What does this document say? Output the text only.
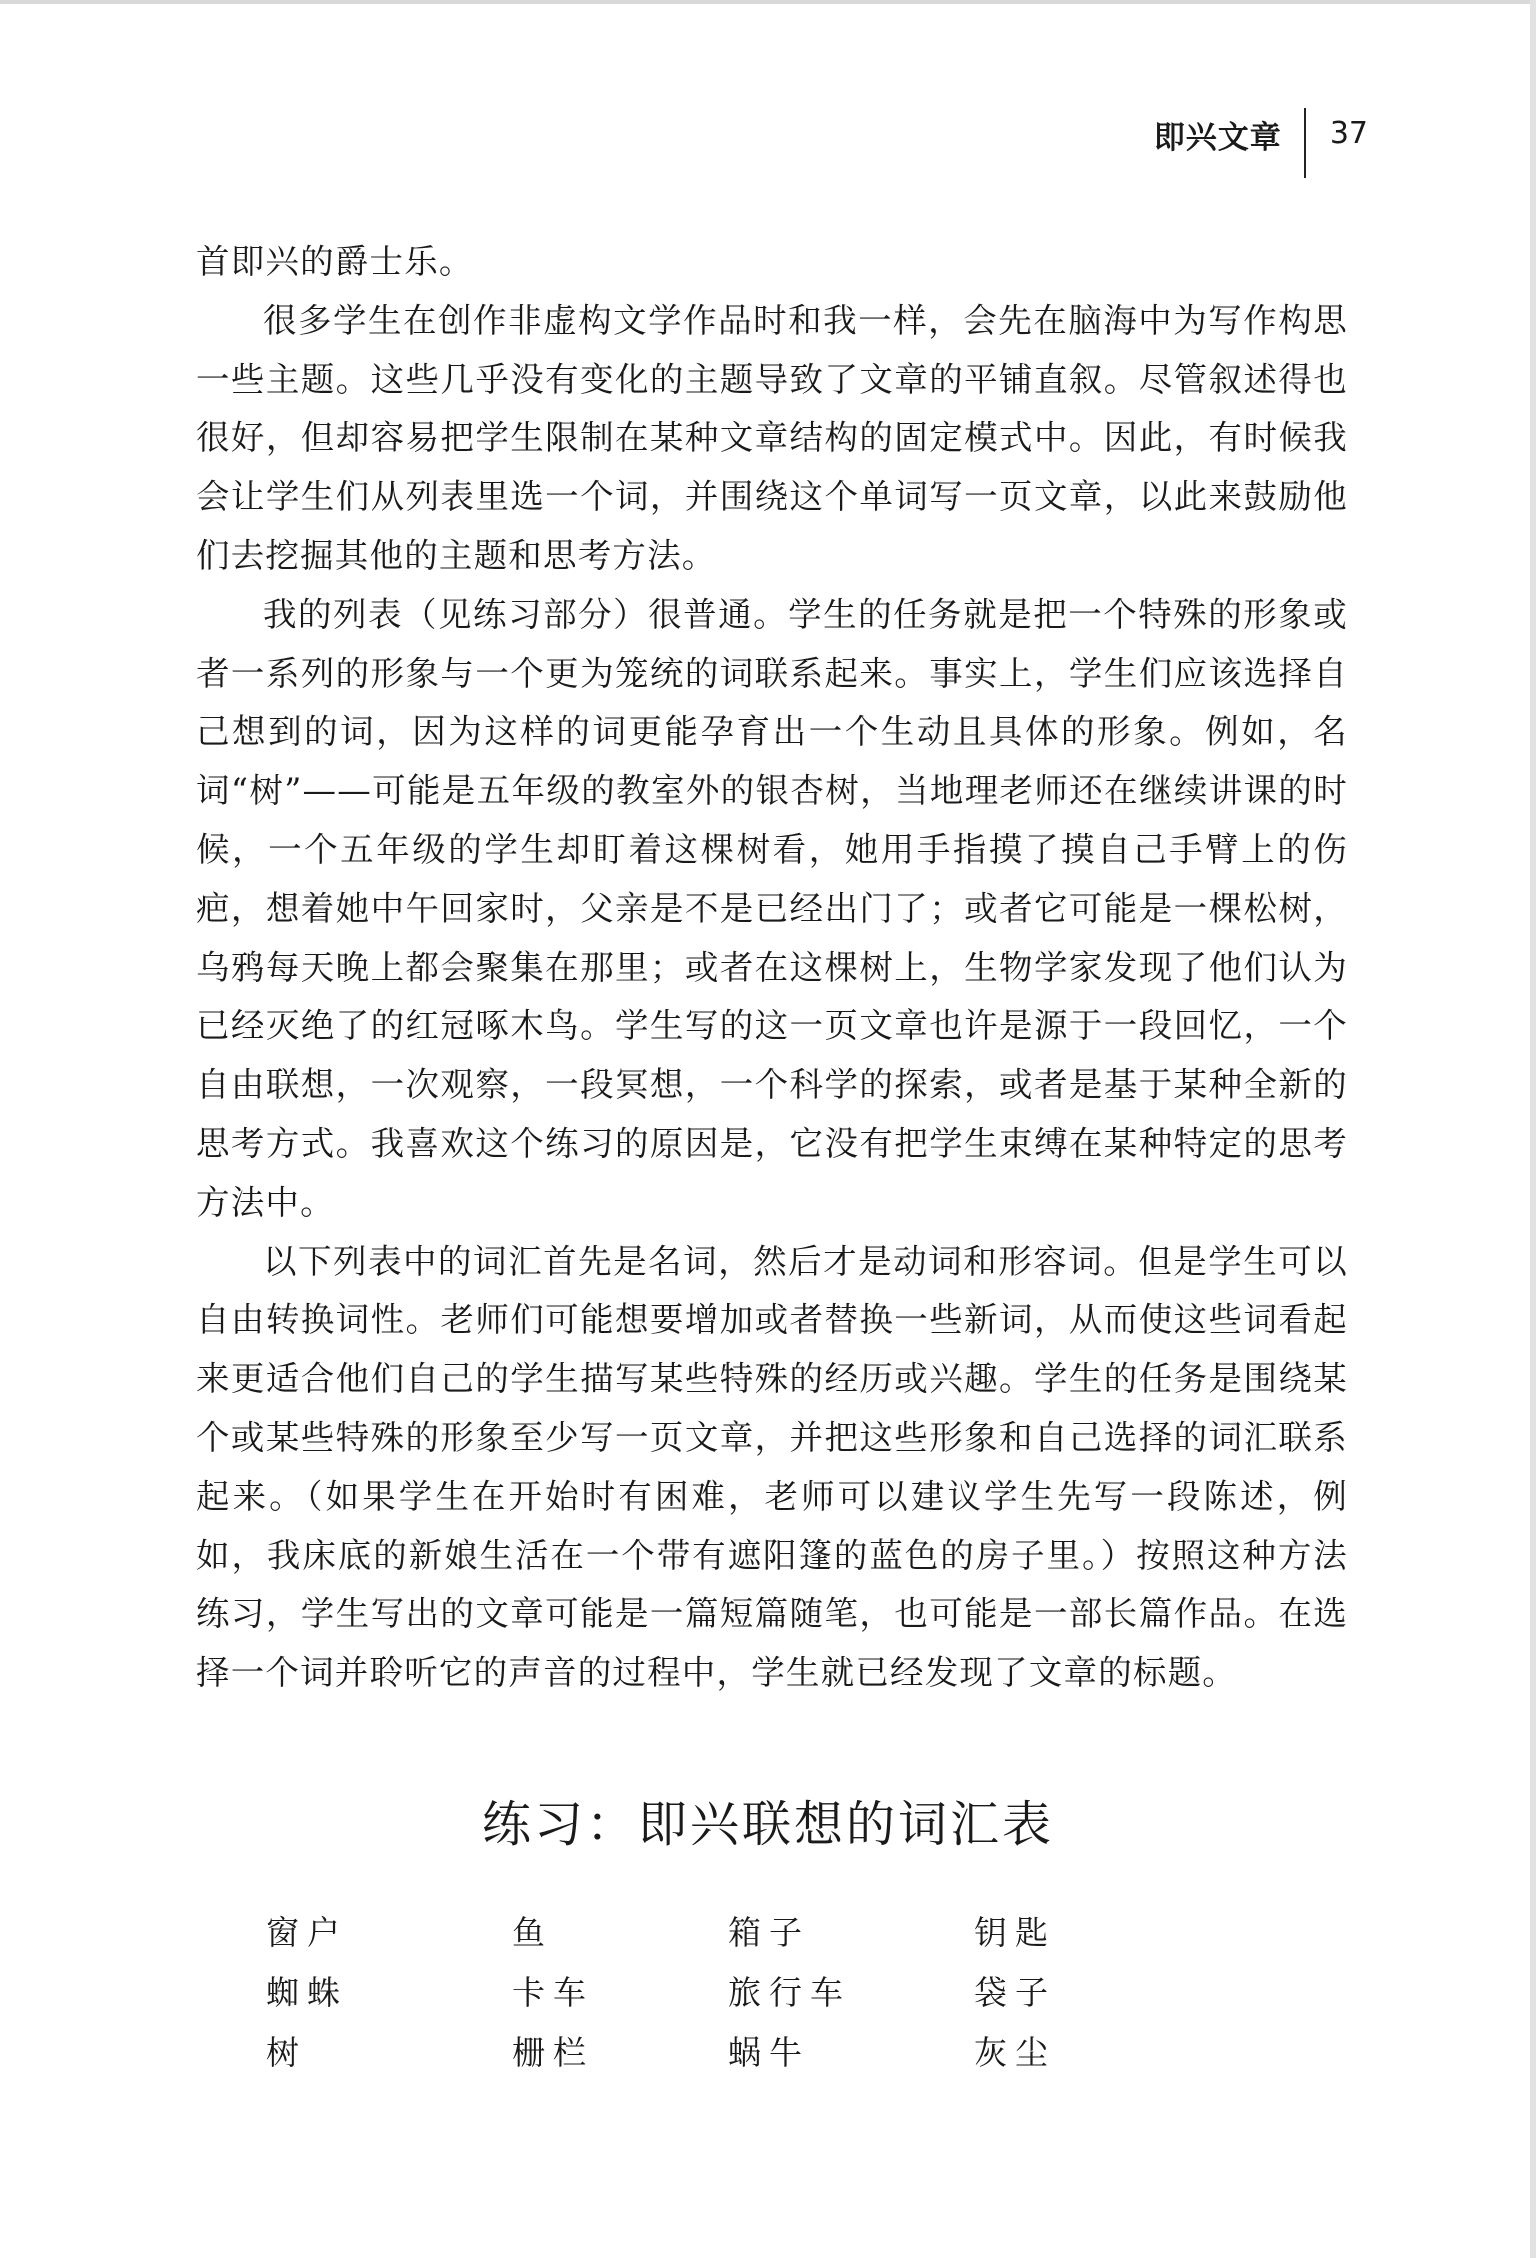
即兴文章 37

首即兴的爵士乐。

很多学生在创作非虚构文学作品时和我一样，会先在脑海中为写作构思一些主题。这些几乎没有变化的主题导致了文章的平铺直叙。尽管叙述得也很好，但却容易把学生限制在某种文章结构的固定模式中。因此，有时候我会让学生们从列表里选一个词，并围绕这个单词写一页文章，以此来鼓励他们去挖掘其他的主题和思考方法。

我的列表（见练习部分）很普通。学生的任务就是把一个特殊的形象或者一系列的形象与一个更为笼统的词联系起来。事实上，学生们应该选择自己想到的词，因为这样的词更能孕育出一个生动且具体的形象。例如，名词“树”——可能是五年级的教室外的银杏树，当地理老师还在继续讲课的时候，一个五年级的学生却盯着这棵树看，她用手指摸了摸自己手臂上的伤疤，想着她中午回家时，父亲是不是已经出门了；或者它可能是一棵松树，乌鸦每天晚上都会聚集在那里；或者在这棵树上，生物学家发现了他们认为已经灭绝了的红冠啄木鸟。学生写的这一页文章也许是源于一段回忆，一个自由联想，一次观察，一段冥想，一个科学的探索，或者是基于某种全新的思考方式。我喜欢这个练习的原因是，它没有把学生束缚在某种特定的思考方法中。

以下列表中的词汇首先是名词，然后才是动词和形容词。但是学生可以自由转换词性。老师们可能想要增加或者替换一些新词，从而使这些词看起来更适合他们自己的学生描写某些特殊的经历或兴趣。学生的任务是围绕某个或某些特殊的形象至少写一页文章，并把这些形象和自己选择的词汇联系起来。（如果学生在开始时有困难，老师可以建议学生先写一段陈述，例如，我床底的新娘生活在一个带有遮阳篷的蓝色的房子里。）按照这种方法练习，学生写出的文章可能是一篇短篇随笔，也可能是一部长篇作品。在选择一个词并聆听它的声音的过程中，学生就已经发现了文章的标题。

练习：即兴联想的词汇表
窗户	鱼	箱子	钥匙
蜘蛛	卡车	旅行车	袋子
树	栅栏	蜗牛	灰尘
